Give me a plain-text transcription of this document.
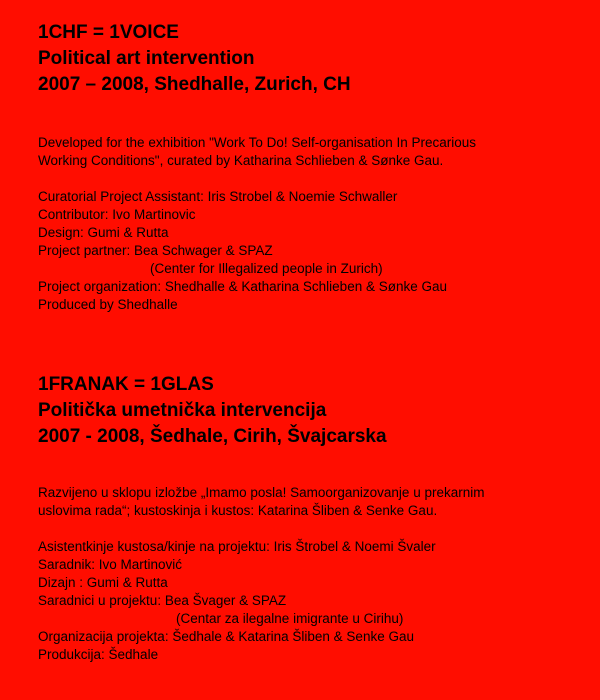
1CHF = 1VOICE
Political art intervention
2007 – 2008, Shedhalle, Zurich, CH
Developed for the exhibition "Work To Do! Self-organisation In Precarious
Working Conditions", curated by Katharina Schlieben & Sønke Gau.
Curatorial Project Assistant: Iris Strobel & Noemie Schwaller
Contributor: Ivo Martinovic
Design: Gumi & Rutta
Project partner: Bea Schwager & SPAZ
(Center for Illegalized people in Zurich)
Project organization: Shedhalle & Katharina Schlieben & Sønke Gau
Produced by Shedhalle
1FRANAK = 1GLAS
Politička umetnička intervencija
2007 - 2008, Šedhale, Cirih, Švajcarska
Razvijeno u sklopu izložbe „Imamo posla! Samoorganizovanje u prekarnim
uslovima rada“; kustoskinja i kustos: Katarina Šliben & Senke Gau.
Asistentkinje kustosa/kinje na projektu: Iris Štrobel & Noemi Švaler
Saradnik: Ivo Martinović
Dizajn : Gumi & Rutta
Saradnici u projektu: Bea Švager & SPAZ
(Centar za ilegalne imigrante u Cirihu)
Organizacija projekta: Šedhale & Katarina Šliben & Senke Gau
Produkcija: Šedhale
